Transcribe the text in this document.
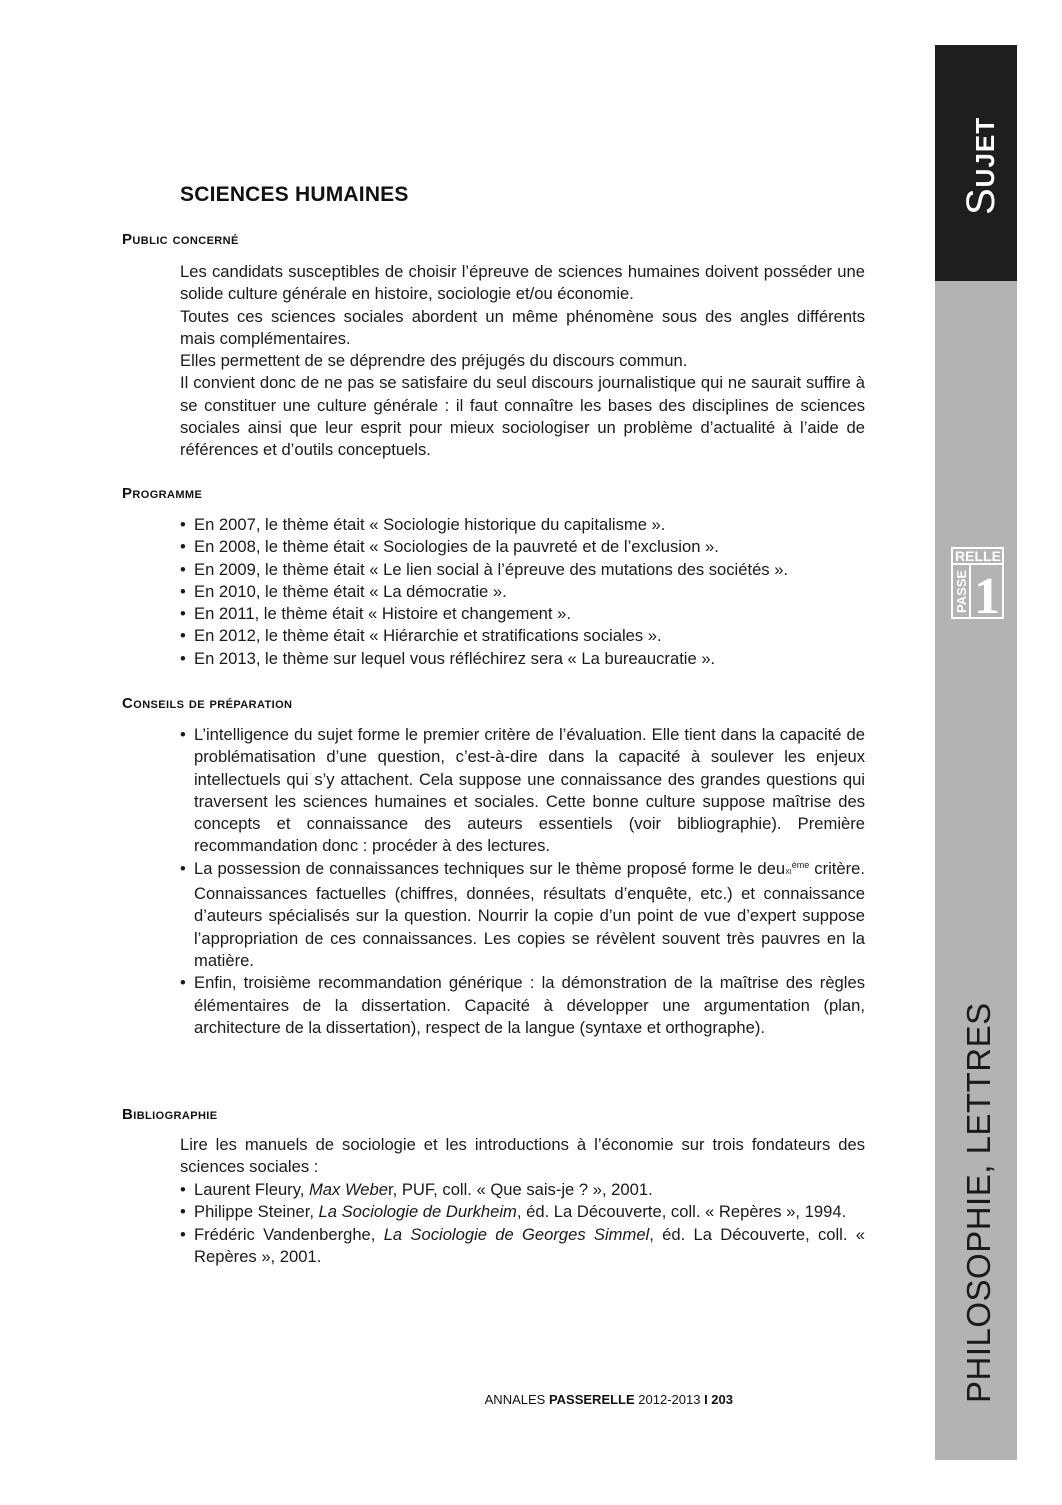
SCIENCES HUMAINES
Public concerné

Les candidats susceptibles de choisir l’épreuve de sciences humaines doivent posséder une solide culture générale en histoire, sociologie et/ou économie.

Toutes ces sciences sociales abordent un même phénomène sous des angles différents mais complémentaires.

Elles permettent de se déprendre des préjugés du discours commun.

Il convient donc de ne pas se satisfaire du seul discours journalistique qui ne saurait suffire à se constituer une culture générale : il faut connaître les bases des disciplines de sciences sociales ainsi que leur esprit pour mieux sociologiser un problème d’actualité à l’aide de références et d’outils conceptuels.

Programme
• En 2007, le thème était « Sociologie historique du capitalisme ».
• En 2008, le thème était « Sociologies de la pauvreté et de l’exclusion ».
• En 2009, le thème était « Le lien social à l’épreuve des mutations des sociétés ».
• En 2010, le thème était « La démocratie ».
• En 2011, le thème était « Histoire et changement ».
• En 2012, le thème était « Hiérarchie et stratifications sociales ».
• En 2013, le thème sur lequel vous réfléchirez sera « La bureaucratie ».
Conseils de préparation
• L’intelligence du sujet forme le premier critère de l’évaluation. Elle tient dans la capacité de problématisation d’une question, c’est-à-dire dans la capacité à soulever les enjeux intellectuels qui s’y attachent. Cela suppose une connaissance des grandes questions qui traversent les sciences humaines et sociales. Cette bonne culture suppose maîtrise des concepts et connaissance des auteurs essentiels (voir bibliographie). Première recommandation donc : procéder à des lectures.
• La possession de connaissances techniques sur le thème proposé forme le deuxi$^{ème}$ critère. Connaissances factuelles (chiffres, données, résultats d’enquête, etc.) et connaissance d’auteurs spécialisés sur la question. Nourrir la copie d’un point de vue d’expert suppose l’appropriation de ces connaissances. Les copies se révèlent souvent très pauvres en la matière.
• Enfin, troisième recommandation générique : la démonstration de la maîtrise des règles élémentaires de la dissertation. Capacité à développer une argumentation (plan, architecture de la dissertation), respect de la langue (syntaxe et orthographe).
Bibliographie

Lire les manuels de sociologie et les introductions à l’économie sur trois fondateurs des sciences sociales :

• Laurent Fleury, Max Weber, PUF, coll. « Que sais-je ? », 2001.
• Philippe Steiner, La Sociologie de Durkheim, éd. La Découverte, coll. « Repères », 1994.
• Frédéric Vandenberghe, La Sociologie de Georges Simmel, éd. La Découverte, coll. « Repères », 2001.

ANNALES PASSERELLE 2012-2013 I 203

SUJET

PHILOSOPHIE, LETTRES

RELLE
PASSE 1
